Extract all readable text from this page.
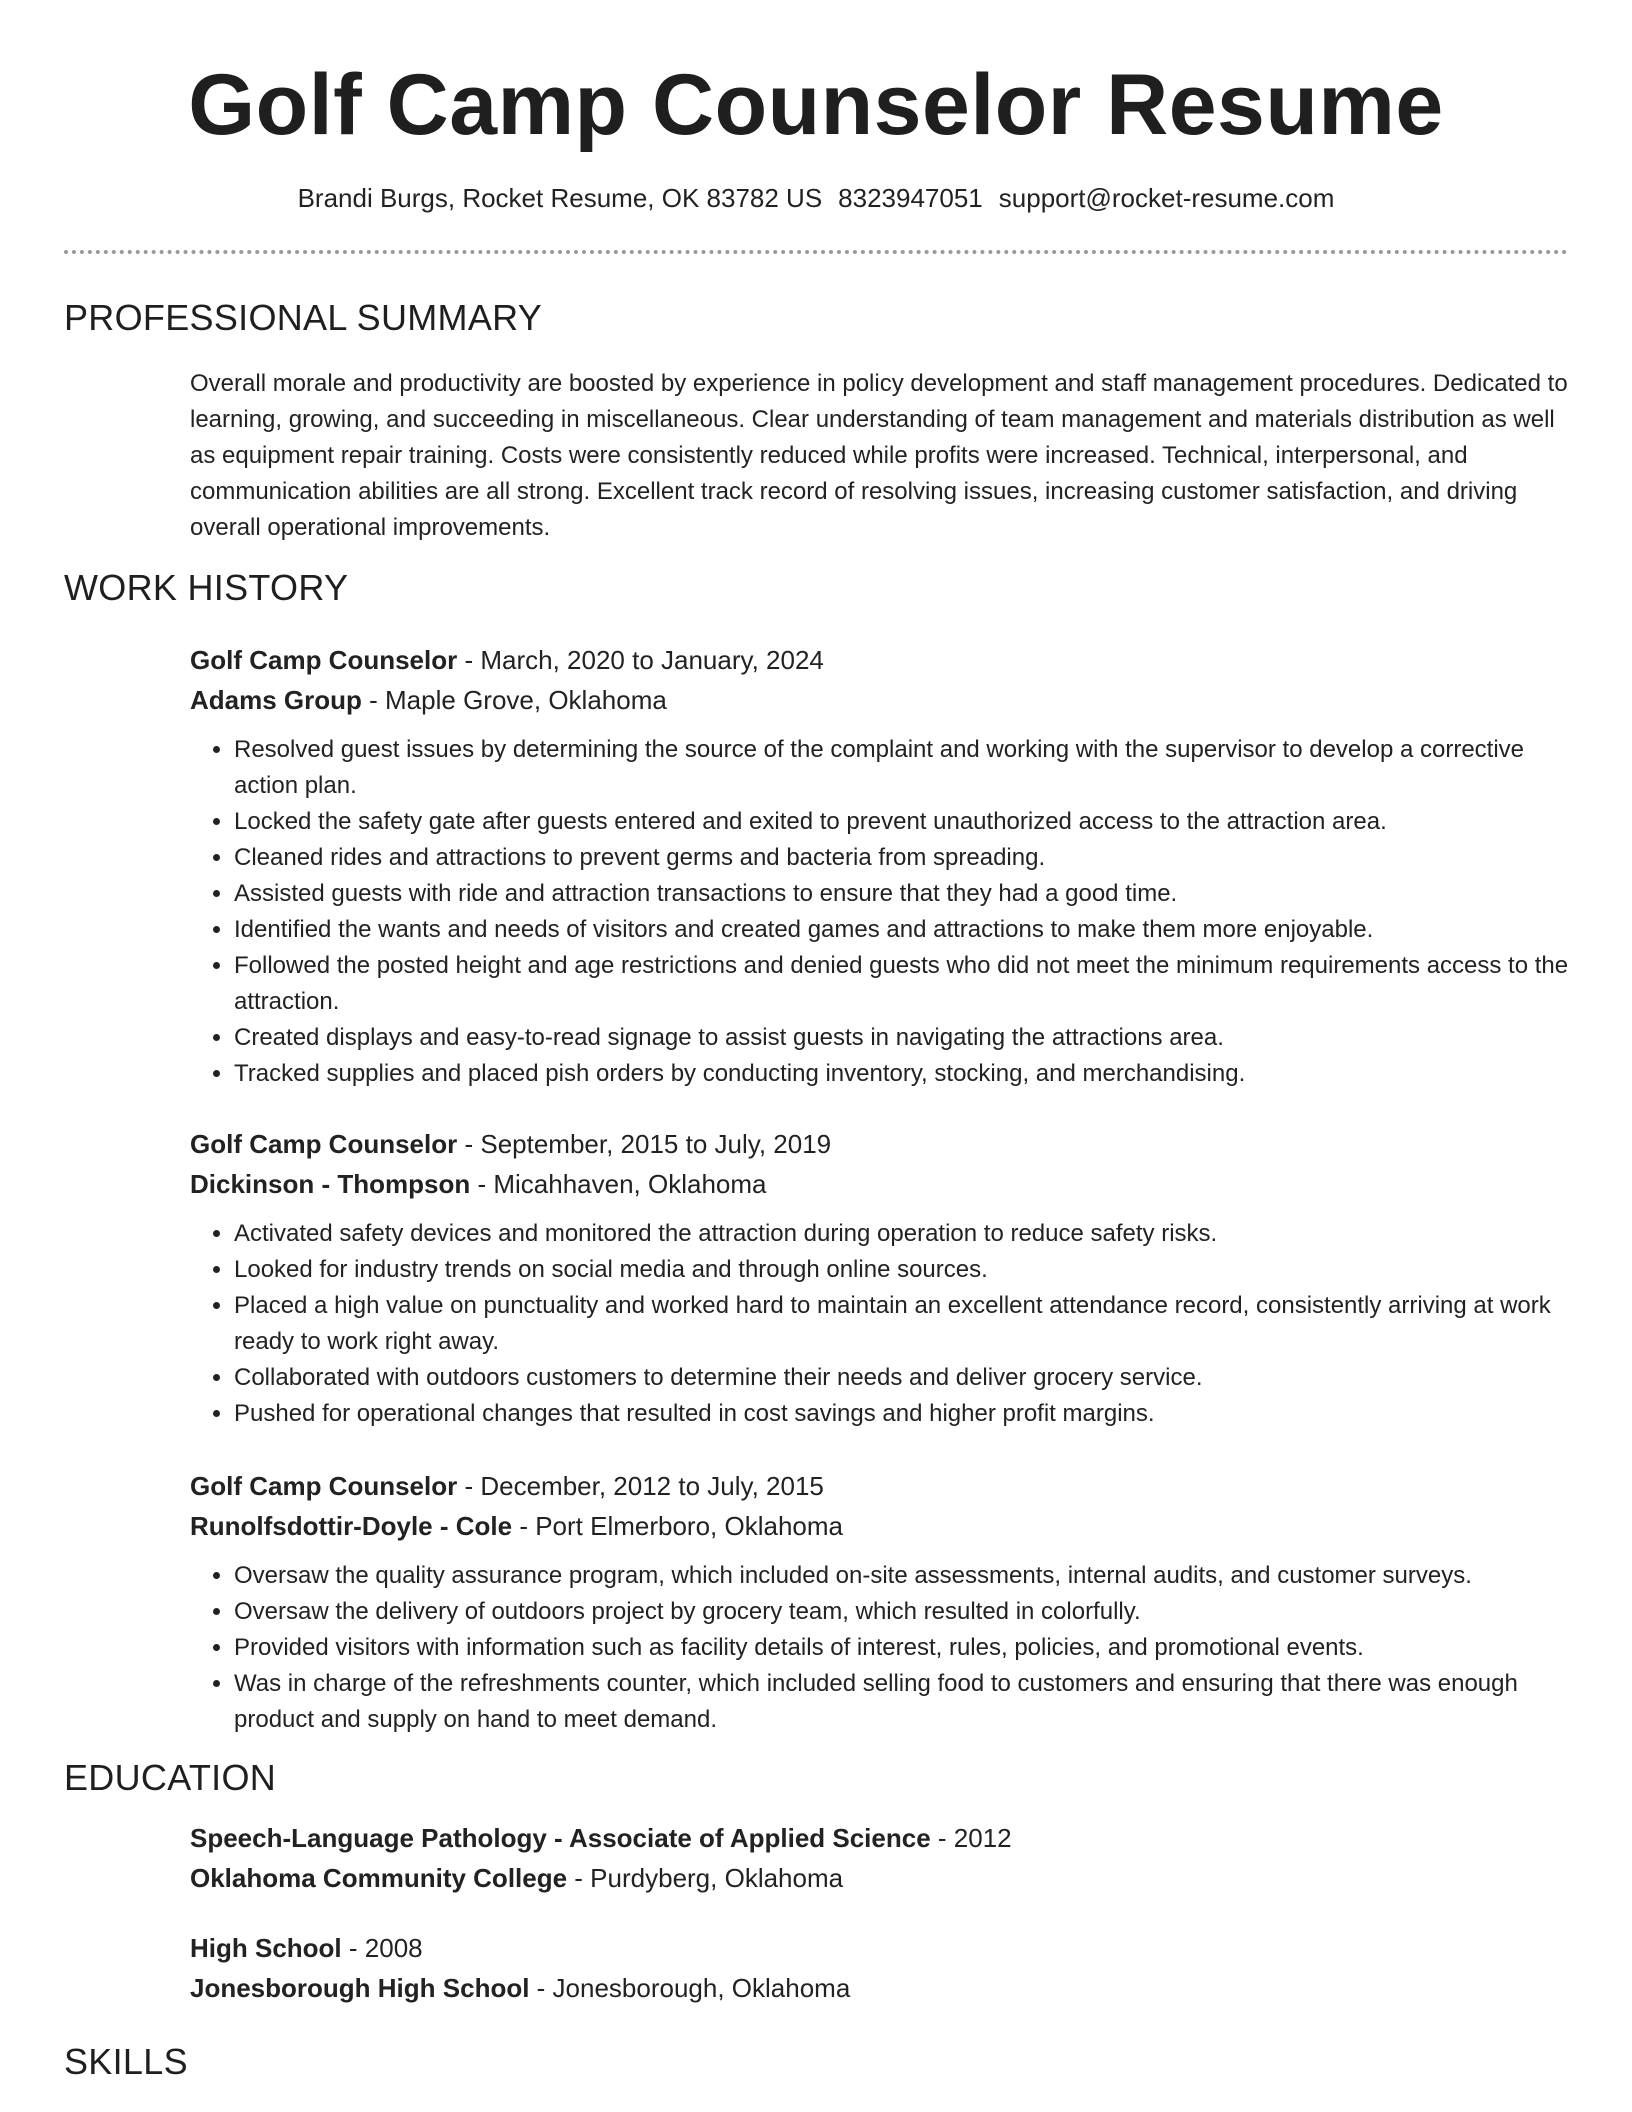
Golf Camp Counselor Resume
Brandi Burgs, Rocket Resume, OK 83782 US 8323947051 support@rocket-resume.com
PROFESSIONAL SUMMARY

Overall morale and productivity are boosted by experience in policy development and staff management procedures. Dedicated to learning, growing, and succeeding in miscellaneous. Clear understanding of team management and materials distribution as well as equipment repair training. Costs were consistently reduced while profits were increased. Technical, interpersonal, and communication abilities are all strong. Excellent track record of resolving issues, increasing customer satisfaction, and driving overall operational improvements.

WORK HISTORY

Golf Camp Counselor - March, 2020 to January, 2024

Adams Group - Maple Grove, Oklahoma

• Resolved guest issues by determining the source of the complaint and working with the supervisor to develop a corrective action plan.
• Locked the safety gate after guests entered and exited to prevent unauthorized access to the attraction area.
• Cleaned rides and attractions to prevent germs and bacteria from spreading.
• Assisted guests with ride and attraction transactions to ensure that they had a good time.
• Identified the wants and needs of visitors and created games and attractions to make them more enjoyable.
• Followed the posted height and age restrictions and denied guests who did not meet the minimum requirements access to the attraction.
• Created displays and easy-to-read signage to assist guests in navigating the attractions area.
• Tracked supplies and placed pish orders by conducting inventory, stocking, and merchandising.

Golf Camp Counselor - September, 2015 to July, 2019

Dickinson - Thompson - Micahhaven, Oklahoma

• Activated safety devices and monitored the attraction during operation to reduce safety risks.
• Looked for industry trends on social media and through online sources.
• Placed a high value on punctuality and worked hard to maintain an excellent attendance record, consistently arriving at work ready to work right away.
• Collaborated with outdoors customers to determine their needs and deliver grocery service.
• Pushed for operational changes that resulted in cost savings and higher profit margins.

Golf Camp Counselor - December, 2012 to July, 2015

Runolfsdottir-Doyle - Cole - Port Elmerboro, Oklahoma

• Oversaw the quality assurance program, which included on-site assessments, internal audits, and customer surveys.
• Oversaw the delivery of outdoors project by grocery team, which resulted in colorfully.
• Provided visitors with information such as facility details of interest, rules, policies, and promotional events.
• Was in charge of the refreshments counter, which included selling food to customers and ensuring that there was enough product and supply on hand to meet demand.
EDUCATION

Speech-Language Pathology - Associate of Applied Science - 2012

Oklahoma Community College - Purdyberg, Oklahoma

High School - 2008

Jonesborough High School - Jonesborough, Oklahoma

SKILLS
